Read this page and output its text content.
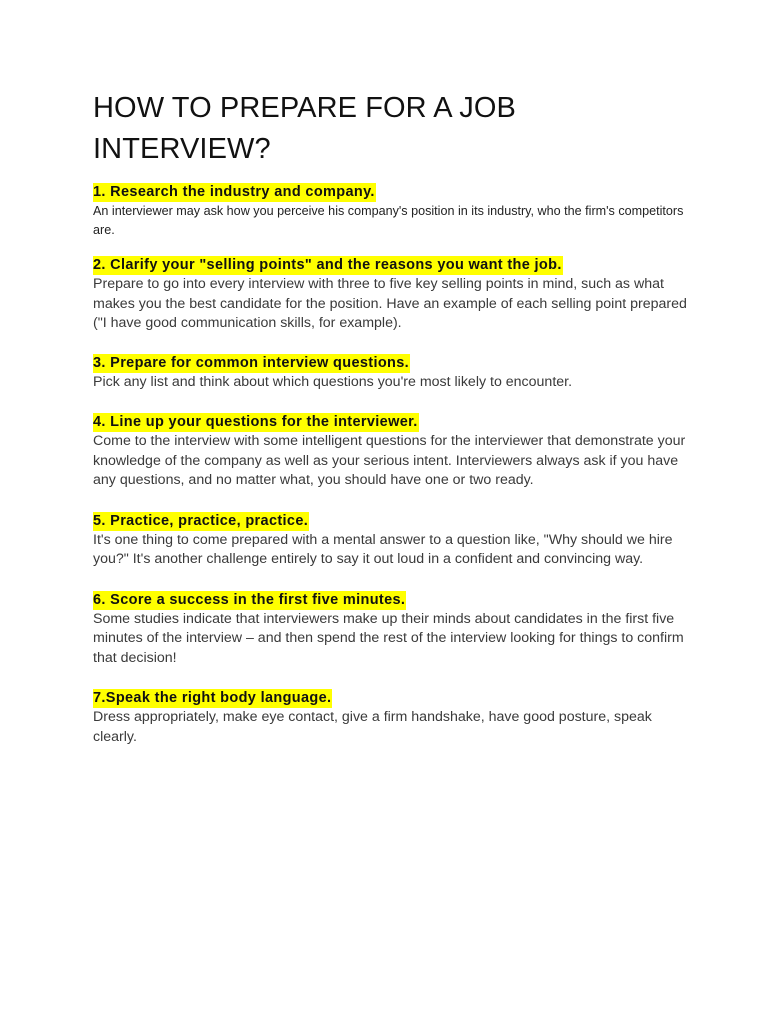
HOW TO PREPARE FOR A JOB INTERVIEW?
1. Research the industry and company.

An interviewer may ask how you perceive his company's position in its industry, who the firm's competitors are.

2. Clarify your "selling points" and the reasons you want the job.

Prepare to go into every interview with three to five key selling points in mind, such as what makes you the best candidate for the position. Have an example of each selling point prepared ("I have good communication skills, for example).

3. Prepare for common interview questions.

Pick any list and think about which questions you're most likely to encounter.

4. Line up your questions for the interviewer.

Come to the interview with some intelligent questions for the interviewer that demonstrate your knowledge of the company as well as your serious intent. Interviewers always ask if you have any questions, and no matter what, you should have one or two ready.

5. Practice, practice, practice.

It's one thing to come prepared with a mental answer to a question like, "Why should we hire you?" It's another challenge entirely to say it out loud in a confident and convincing way.

6. Score a success in the first five minutes.

Some studies indicate that interviewers make up their minds about candidates in the first five minutes of the interview – and then spend the rest of the interview looking for things to confirm that decision!

7.Speak the right body language.

Dress appropriately, make eye contact, give a firm handshake, have good posture, speak clearly.
